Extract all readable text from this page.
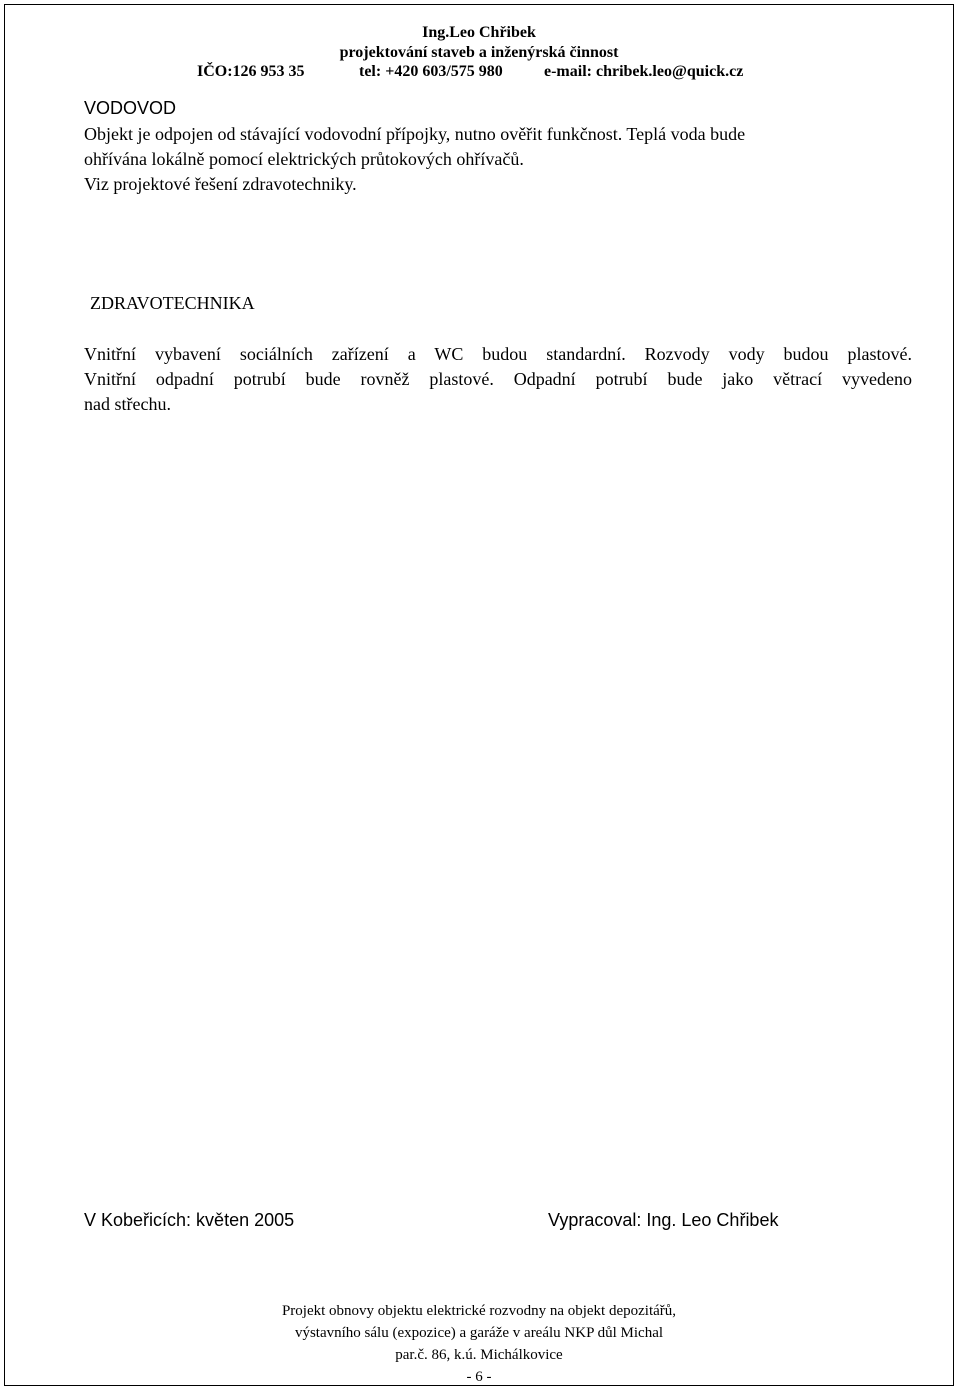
Ing.Leo Chřibek
projektování staveb a inženýrská činnost
IČO:126 953 35	tel: +420 603/575 980	e-mail: chribek.leo@quick.cz
VODOVOD
Objekt je odpojen od stávající vodovodní přípojky, nutno ověřit funkčnost. Teplá voda bude
ohřívána lokálně pomocí elektrických průtokových ohřívačů.
Viz projektové řešení zdravotechniky.
ZDRAVOTECHNIKA
Vnitřní vybavení sociálních zařízení a WC budou standardní. Rozvody vody budou plastové.
Vnitřní odpadní potrubí bude rovněž plastové. Odpadní potrubí bude jako větrací vyvedeno
nad střechu.
V Kobeřicích: květen 2005	Vypracoval: Ing. Leo Chřibek
Projekt obnovy objektu elektrické rozvodny na objekt depozitářů,
výstavního sálu (expozice) a garáže v areálu NKP důl Michal
par.č. 86, k.ú. Michálkovice
- 6 -
